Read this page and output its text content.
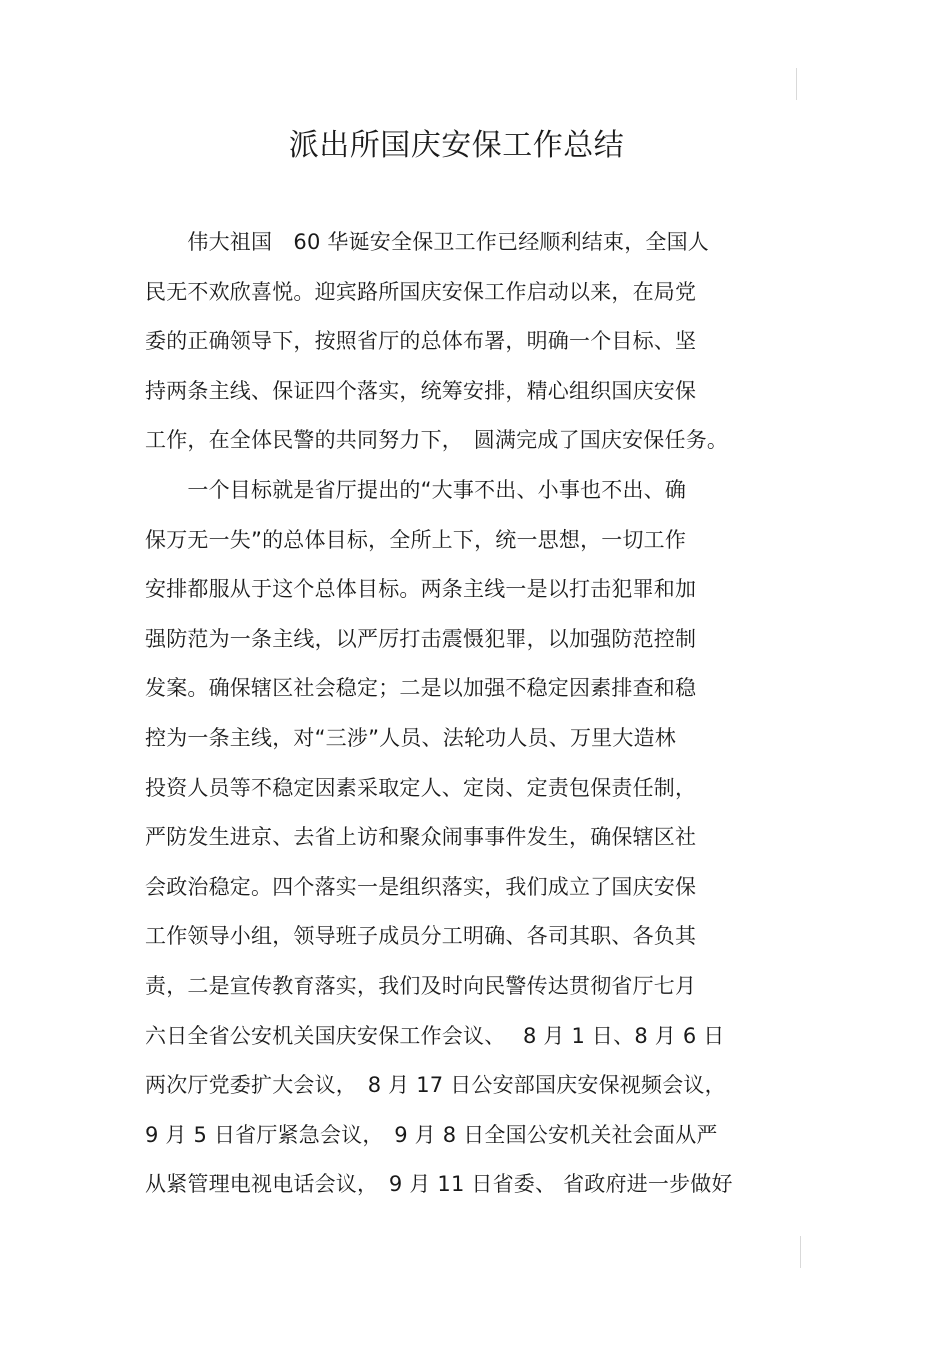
派出所国庆安保工作总结
　　伟大祖国　60 华诞安全保卫工作已经顺利结束，全国人
民无不欢欣喜悦。迎宾路所国庆安保工作启动以来，在局党
委的正确领导下，按照省厅的总体布署，明确一个目标、坚
持两条主线、保证四个落实，统筹安排，精心组织国庆安保
工作，在全体民警的共同努力下，　圆满完成了国庆安保任务。
　　一个目标就是省厅提出的“大事不出、小事也不出、确
保万无一失”的总体目标，全所上下，统一思想，一切工作
安排都服从于这个总体目标。两条主线一是以打击犯罪和加
强防范为一条主线，以严厉打击震慑犯罪，以加强防范控制
发案。确保辖区社会稳定；二是以加强不稳定因素排查和稳
控为一条主线，对“三涉”人员、法轮功人员、万里大造林
投资人员等不稳定因素采取定人、定岗、定责包保责任制，
严防发生进京、去省上访和聚众闹事事件发生，确保辖区社
会政治稳定。四个落实一是组织落实，我们成立了国庆安保
工作领导小组，领导班子成员分工明确、各司其职、各负其
责，二是宣传教育落实，我们及时向民警传达贯彻省厅七月
六日全省公安机关国庆安保工作会议、　 8 月 1 日、8 月 6 日
两次厅党委扩大会议，　8 月 17 日公安部国庆安保视频会议，
9 月 5 日省厅紧急会议，　9 月 8 日全国公安机关社会面从严
从紧管理电视电话会议，　9 月 11 日省委、 省政府进一步做好
